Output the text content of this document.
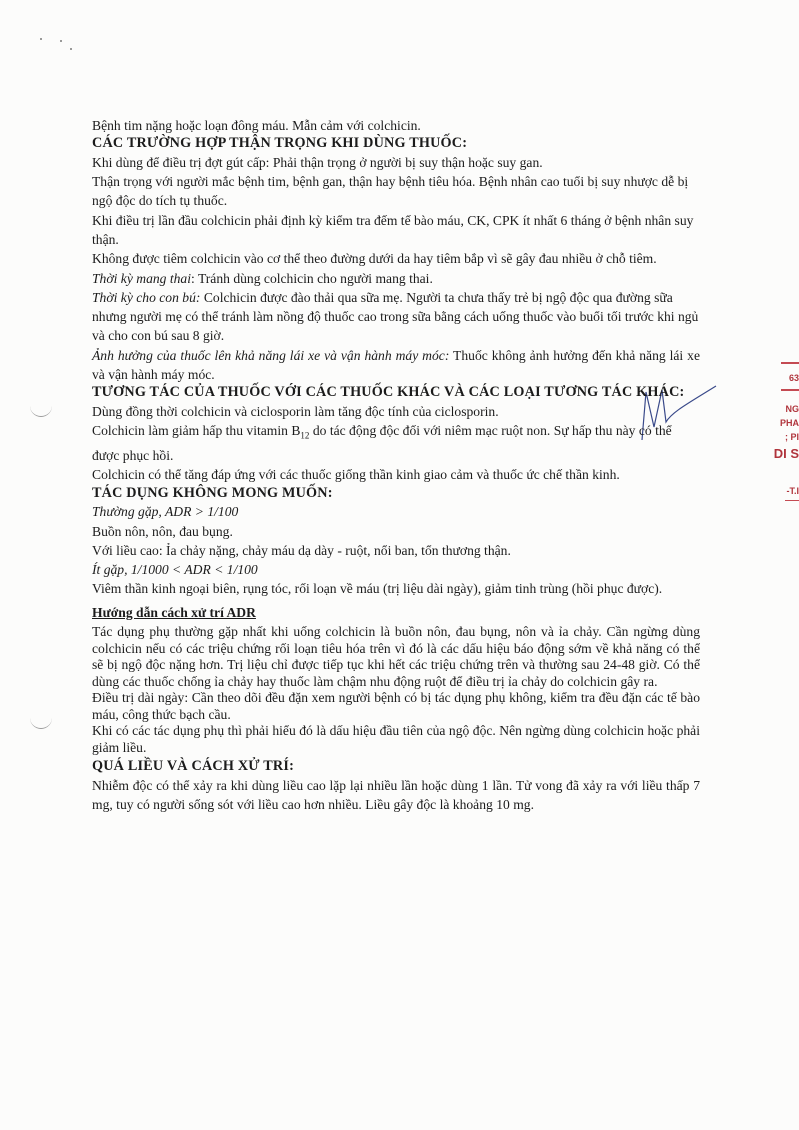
63
NG
PHA
; PI
DI S
-T.I

Bệnh tim nặng hoặc loạn đông máu. Mẫn cảm với colchicin.

CÁC TRƯỜNG HỢP THẬN TRỌNG KHI DÙNG THUỐC:

Khi dùng để điều trị đợt gút cấp: Phải thận trọng ở người bị suy thận hoặc suy gan.

Thận trọng với người mắc bệnh tim, bệnh gan, thận hay bệnh tiêu hóa. Bệnh nhân cao tuổi bị suy nhược dễ bị ngộ độc do tích tụ thuốc.

Khi điều trị lần đầu colchicin phải định kỳ kiểm tra đếm tế bào máu, CK, CPK ít nhất 6 tháng ở bệnh nhân suy thận.

Không được tiêm colchicin vào cơ thể theo đường dưới da hay tiêm bắp vì sẽ gây đau nhiều ở chỗ tiêm.

Thời kỳ mang thai: Tránh dùng colchicin cho người mang thai.

Thời kỳ cho con bú: Colchicin được đào thải qua sữa mẹ. Người ta chưa thấy trẻ bị ngộ độc qua đường sữa nhưng người mẹ có thể tránh làm nồng độ thuốc cao trong sữa bằng cách uống thuốc vào buổi tối trước khi ngủ và cho con bú sau 8 giờ.

Ảnh hưởng của thuốc lên khả năng lái xe và vận hành máy móc: Thuốc không ảnh hưởng đến khả năng lái xe và vận hành máy móc.

TƯƠNG TÁC CỦA THUỐC VỚI CÁC THUỐC KHÁC VÀ CÁC LOẠI TƯƠNG TÁC KHÁC:

Dùng đồng thời colchicin và ciclosporin làm tăng độc tính của ciclosporin.

Colchicin làm giảm hấp thu vitamin $B_{12}$ do tác động độc đối với niêm mạc ruột non. Sự hấp thu này có thể được phục hồi.

Colchicin có thể tăng đáp ứng với các thuốc giống thần kinh giao cảm và thuốc ức chế thần kinh.

TÁC DỤNG KHÔNG MONG MUỐN:

Thường gặp, ADR > 1/100

Buồn nôn, nôn, đau bụng.

Với liều cao: Ỉa chảy nặng, chảy máu dạ dày - ruột, nổi ban, tổn thương thận.

Ít gặp, 1/1000 < ADR < 1/100

Viêm thần kinh ngoại biên, rụng tóc, rối loạn về máu (trị liệu dài ngày), giảm tinh trùng (hồi phục được).

Hướng dẫn cách xử trí ADR

Tác dụng phụ thường gặp nhất khi uống colchicin là buồn nôn, đau bụng, nôn và ỉa chảy. Cần ngừng dùng colchicin nếu có các triệu chứng rối loạn tiêu hóa trên vì đó là các dấu hiệu báo động sớm về khả năng có thể sẽ bị ngộ độc nặng hơn. Trị liệu chỉ được tiếp tục khi hết các triệu chứng trên và thường sau 24-48 giờ. Có thể dùng các thuốc chống ỉa chảy hay thuốc làm chậm nhu động ruột để điều trị ỉa chảy do colchicin gây ra.

Điều trị dài ngày: Cần theo dõi đều đặn xem người bệnh có bị tác dụng phụ không, kiểm tra đều đặn các tế bào máu, công thức bạch cầu.

Khi có các tác dụng phụ thì phải hiểu đó là dấu hiệu đầu tiên của ngộ độc. Nên ngừng dùng colchicin hoặc phải giảm liều.

QUÁ LIỀU VÀ CÁCH XỬ TRÍ:

Nhiễm độc có thể xảy ra khi dùng liều cao lặp lại nhiều lần hoặc dùng 1 lần. Tử vong đã xảy ra với liều thấp 7 mg, tuy có người sống sót với liều cao hơn nhiều. Liều gây độc là khoảng 10 mg.
